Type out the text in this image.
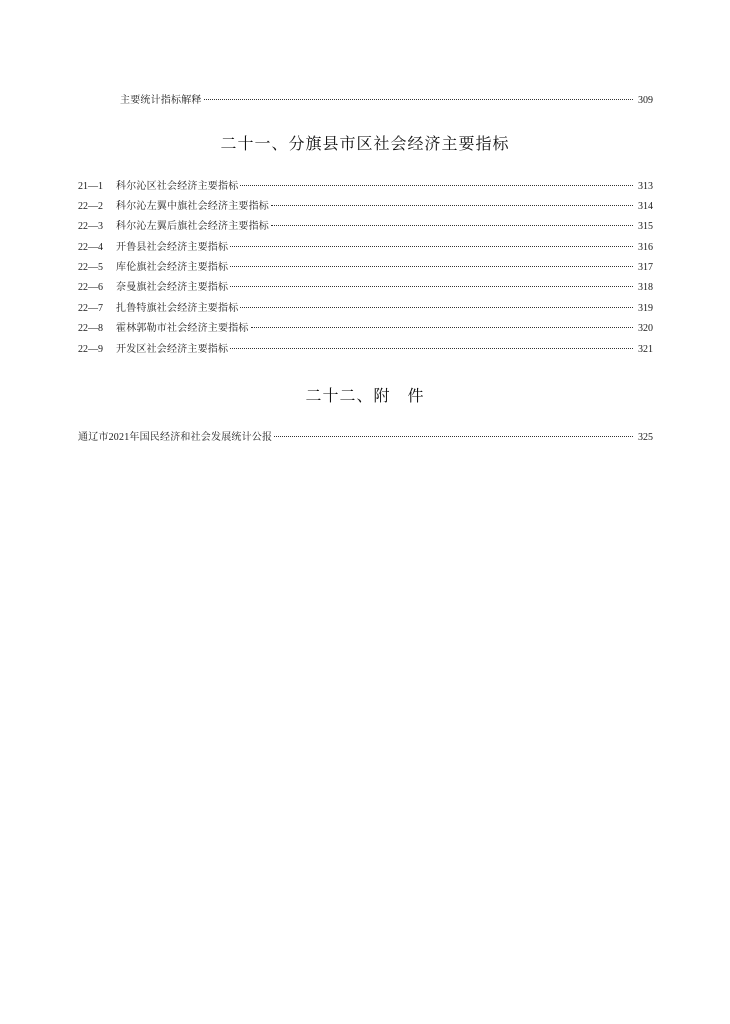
主要统计指标解释	309
二十一、分旗县市区社会经济主要指标
21—1	科尔沁区社会经济主要指标	313
22—2	科尔沁左翼中旗社会经济主要指标	314
22—3	科尔沁左翼后旗社会经济主要指标	315
22—4	开鲁县社会经济主要指标	316
22—5	库伦旗社会经济主要指标	317
22—6	奈曼旗社会经济主要指标	318
22—7	扎鲁特旗社会经济主要指标	319
22—8	霍林郭勒市社会经济主要指标	320
22—9	开发区社会经济主要指标	321
二十二、附　件
通辽市2021年国民经济和社会发展统计公报	325
